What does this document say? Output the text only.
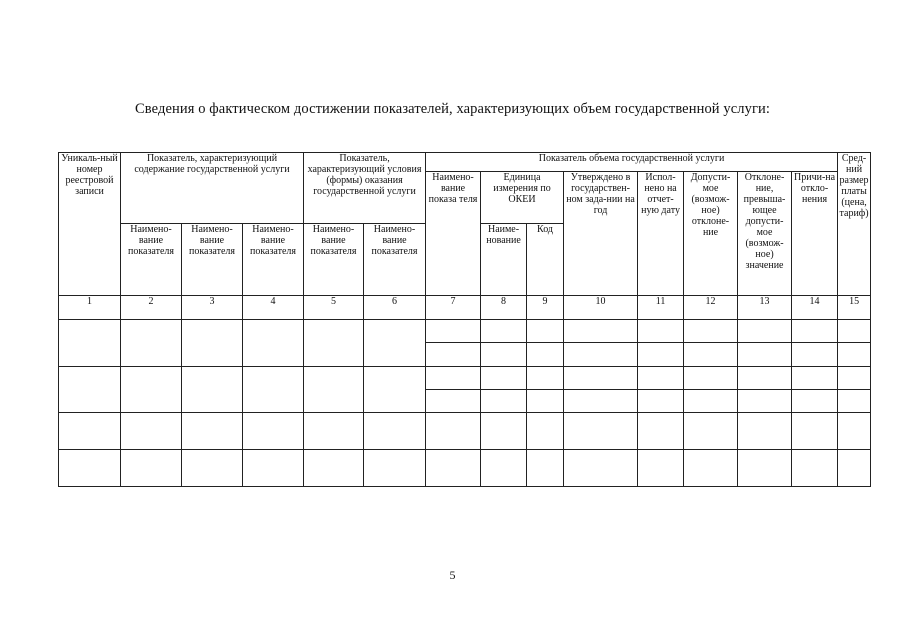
Сведения о фактическом достижении показателей, характеризующих объем государственной услуги:
Уникаль-ный номер реестровой записи	Показатель, характеризующий содержание государственной услуги			Показатель, характеризующий условия (формы) оказания государственной услуги		Показатель объема государственной услуги								Сред-ний размер платы (цена, тариф)
						Наимено-вание показа теля	Единица измерения по ОКЕИ		Утверждено в государствен-ном зада-нии на год	Испол-нено на отчет-ную дату	Допусти-мое (возмож-ное) отклоне-ние	Отклоне-ние, превыша-ющее допусти-мое (возмож-ное) значение	Причи-на откло-нения	
	Наимено-вание показателя	Наимено-вание показателя	Наимено-вание показателя	Наимено-вание показателя	Наимено-вание показателя		Наиме-нование	Код						
1	2	3	4	5	6	7	8	9	10	11	12	13	14	15

5
